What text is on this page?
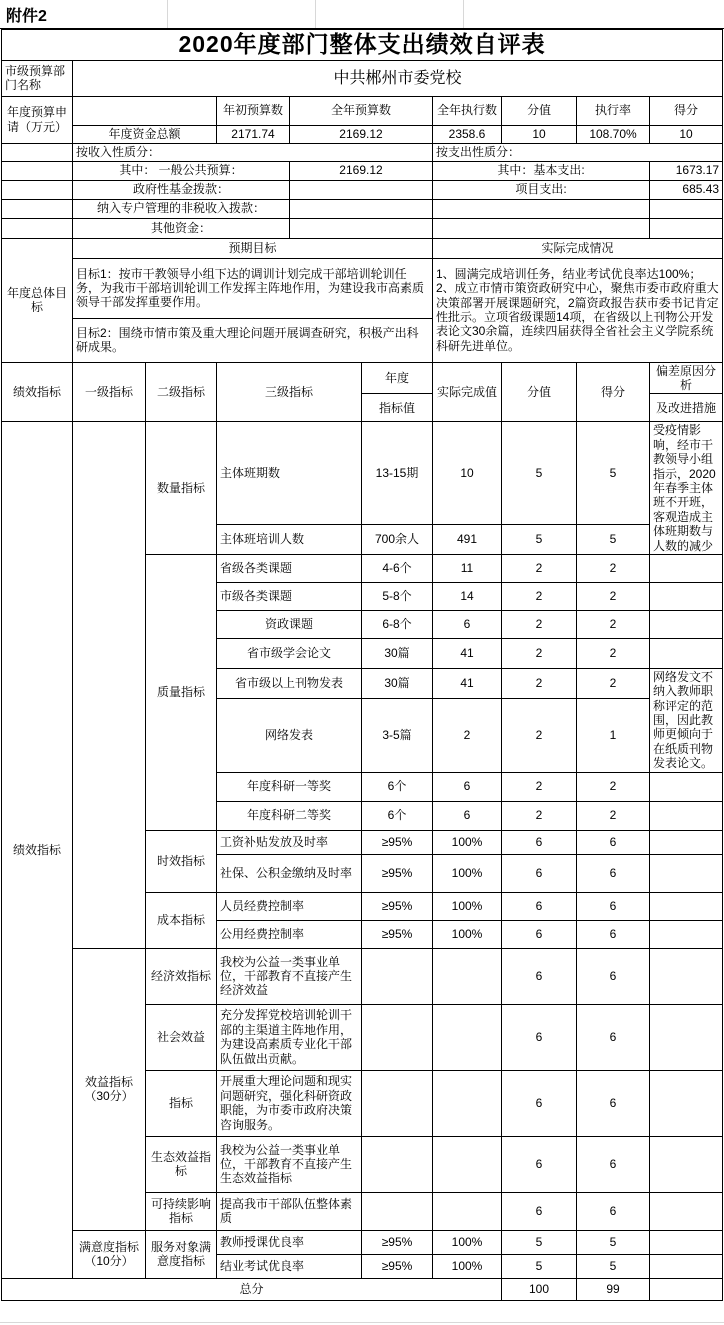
附件2
2020年度部门整体支出绩效自评表									
市级预算部门名称	中共郴州市委党校								
年度预算申请（万元）			年初预算数	全年预算数		全年执行数	分值	执行率	得分
	年度资金总额		2171.74	2169.12		2358.6	10	108.70%	10
	按收入性质分：					按支出性质分：			
	其中： 一般公共预算：			2169.12		其中：基本支出:			1673.17
	政府性基金拨款：					项目支出:			685.43
	纳入专户管理的非税收入拨款：								
	其他资金：								
年度总体目标	预期目标					实际完成情况			
	目标1：按市干教领导小组下达的调训计划完成干部培训轮训任务，为我市干部培训轮训工作发挥主阵地作用，为建设我市高素质领导干部发挥重要作用。					1、圆满完成培训任务，结业考试优良率达100%；2、成立市情市策资政研究中心，聚焦市委市政府重大决策部署开展课题研究，2篇资政报告获市委书记肯定性批示。立项省级课题14项，在省级以上刊物公开发表论文30余篇，连续四届获得全省社会主义学院系统科研先进单位。			
	目标2：围绕市情市策及重大理论问题开展调查研究，积极产出科研成果。								
绩效指标	一级指标	二级指标	三级指标		年度	实际完成值	分值	得分	偏差原因分析
					指标值				及改进措施
绩效指标		数量指标	主体班期数		13-15期	10	5	5	受疫情影响，经市干教领导小组指示，2020年春季主体班不开班，客观造成主体班期数与人数的减少
			主体班培训人数		700余人	491	5	5	
		质量指标	省级各类课题		4-6个	11	2	2	
			市级各类课题		5-8个	14	2	2	
			资政课题		6-8个	6	2	2	
			省市级学会论文		30篇	41	2	2	
			省市级以上刊物发表		30篇	41	2	2	网络发文不纳入教师职称评定的范围，因此教师更倾向于在纸质刊物发表论文。
			网络发表		3-5篇	2	2	1	
			年度科研一等奖		6个	6	2	2	
			年度科研二等奖		6个	6	2	2	
		时效指标	工资补贴发放及时率		≥95%	100%	6	6	
			社保、公积金缴纳及时率		≥95%	100%	6	6	
		成本指标	人员经费控制率		≥95%	100%	6	6	
			公用经费控制率		≥95%	100%	6	6	
	效益指标（30分）	经济效指标	我校为公益一类事业单位，干部教育不直接产生经济效益				6	6	
		社会效益	充分发挥党校培训轮训干部的主渠道主阵地作用，为建设高素质专业化干部队伍做出贡献。				6	6	
		指标	开展重大理论问题和现实问题研究，强化科研资政职能，为市委市政府决策咨询服务。				6	6	
		生态效益指标	我校为公益一类事业单位，干部教育不直接产生生态效益指标				6	6	
		可持续影响指标	提高我市干部队伍整体素质				6	6	
	满意度指标（10分）	服务对象满意度指标	教师授课优良率		≥95%	100%	5	5	
			结业考试优良率		≥95%	100%	5	5	
总分							100	99	
